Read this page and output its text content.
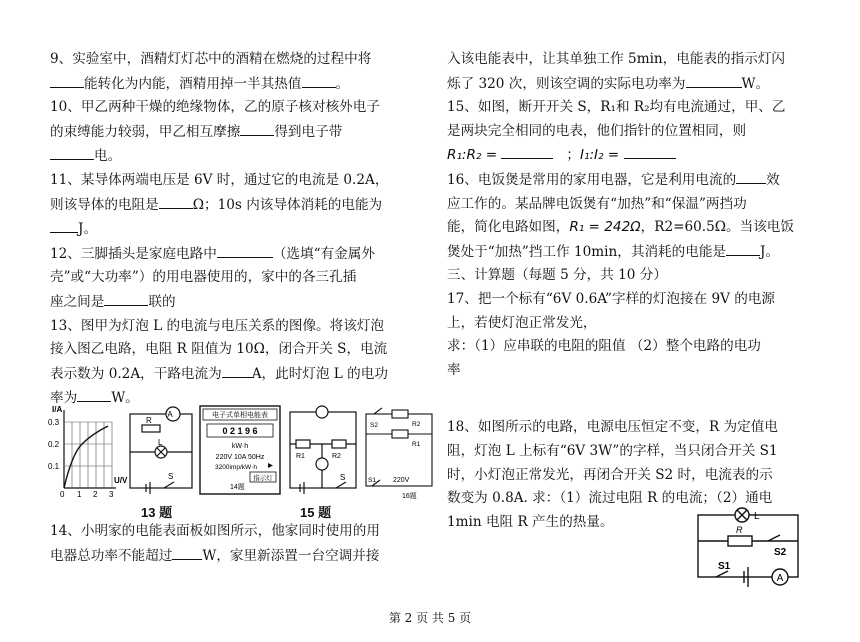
9、实验室中，酒精灯灯芯中的酒精在燃烧的过程中将
能转化为内能，酒精用掉一半其热值	。

10、甲乙两种干燥的绝缘物体，乙的原子核对核外电子
的束缚能力较弱，甲乙相互摩擦	得到电子带
电。

11、某导体两端电压是 6V 时，通过它的电流是 0.2A，
则该导体的电阻是	Ω；10s 内该导体消耗的电能为
J。

12、三脚插头是家庭电路中	（选填“有金属外
壳”或“大功率”）的用电器使用的，家中的各三孔插
座之间是	联的

13、图甲为灯泡 L 的电流与电压关系的图像。将该灯泡
接入图乙电路，电阻 R 阻值为 10Ω，闭合开关 S，电流
表示数为 0.2A，干路电流为 A，此时灯泡 L 的电功
率为	W。

I/A
0.3
0.2
0.1
0 1 2 3
U/V
A
R
L
S
电子式单相电能表
0 2 1 9 6
kW·h
220V 10A 50Hz
3200imp/kW·h
指示灯
14题
R1	R2
S
S2	R2
R1
S1 220V
16题
13 题	15 题

14、小明家的电能表面板如图所示，他家同时使用的用
电器总功率不能超过 W，家里新添置一台空调并接

入该电能表中，让其单独工作 5min，电能表的指示灯闪
烁了 320 次，则该空调的实际电功率为	W。

15、如图，断开开关 S，R₁和 R₂均有电流通过，甲、乙
是两块完全相同的电表，他们指针的位置相同，则
R₁:R₂ =	；I₁:I₂ =

16、电饭煲是常用的家用电器，它是利用电流的 效
应工作的。某品牌电饭煲有“加热”和“保温”两挡功
能，简化电路如图，R₁ = 242Ω，R2=60.5Ω。当该电饭
煲处于“加热”挡工作 10min，其消耗的电能是	J。

三、计算题（每题 5 分，共 10 分）

17、把一个标有“6V 0.6A”字样的灯泡接在 9V 的电源
上，若使灯泡正常发光，
求：（1）应串联的电阻的阻值 （2）整个电路的电功
率

18、如图所示的电路，电源电压恒定不变，R 为定值电
阻，灯泡 L 上标有“6V 3W”的字样，当只闭合开关 S1
时，小灯泡正常发光，再闭合开关 S2 时，电流表的示
数变为 0.8A. 求：（1）流过电阻 R 的电流；（2）通电
1min 电阻 R 产生的热量。	L
R
S2
S1
A
第 2 页 共 5 页
